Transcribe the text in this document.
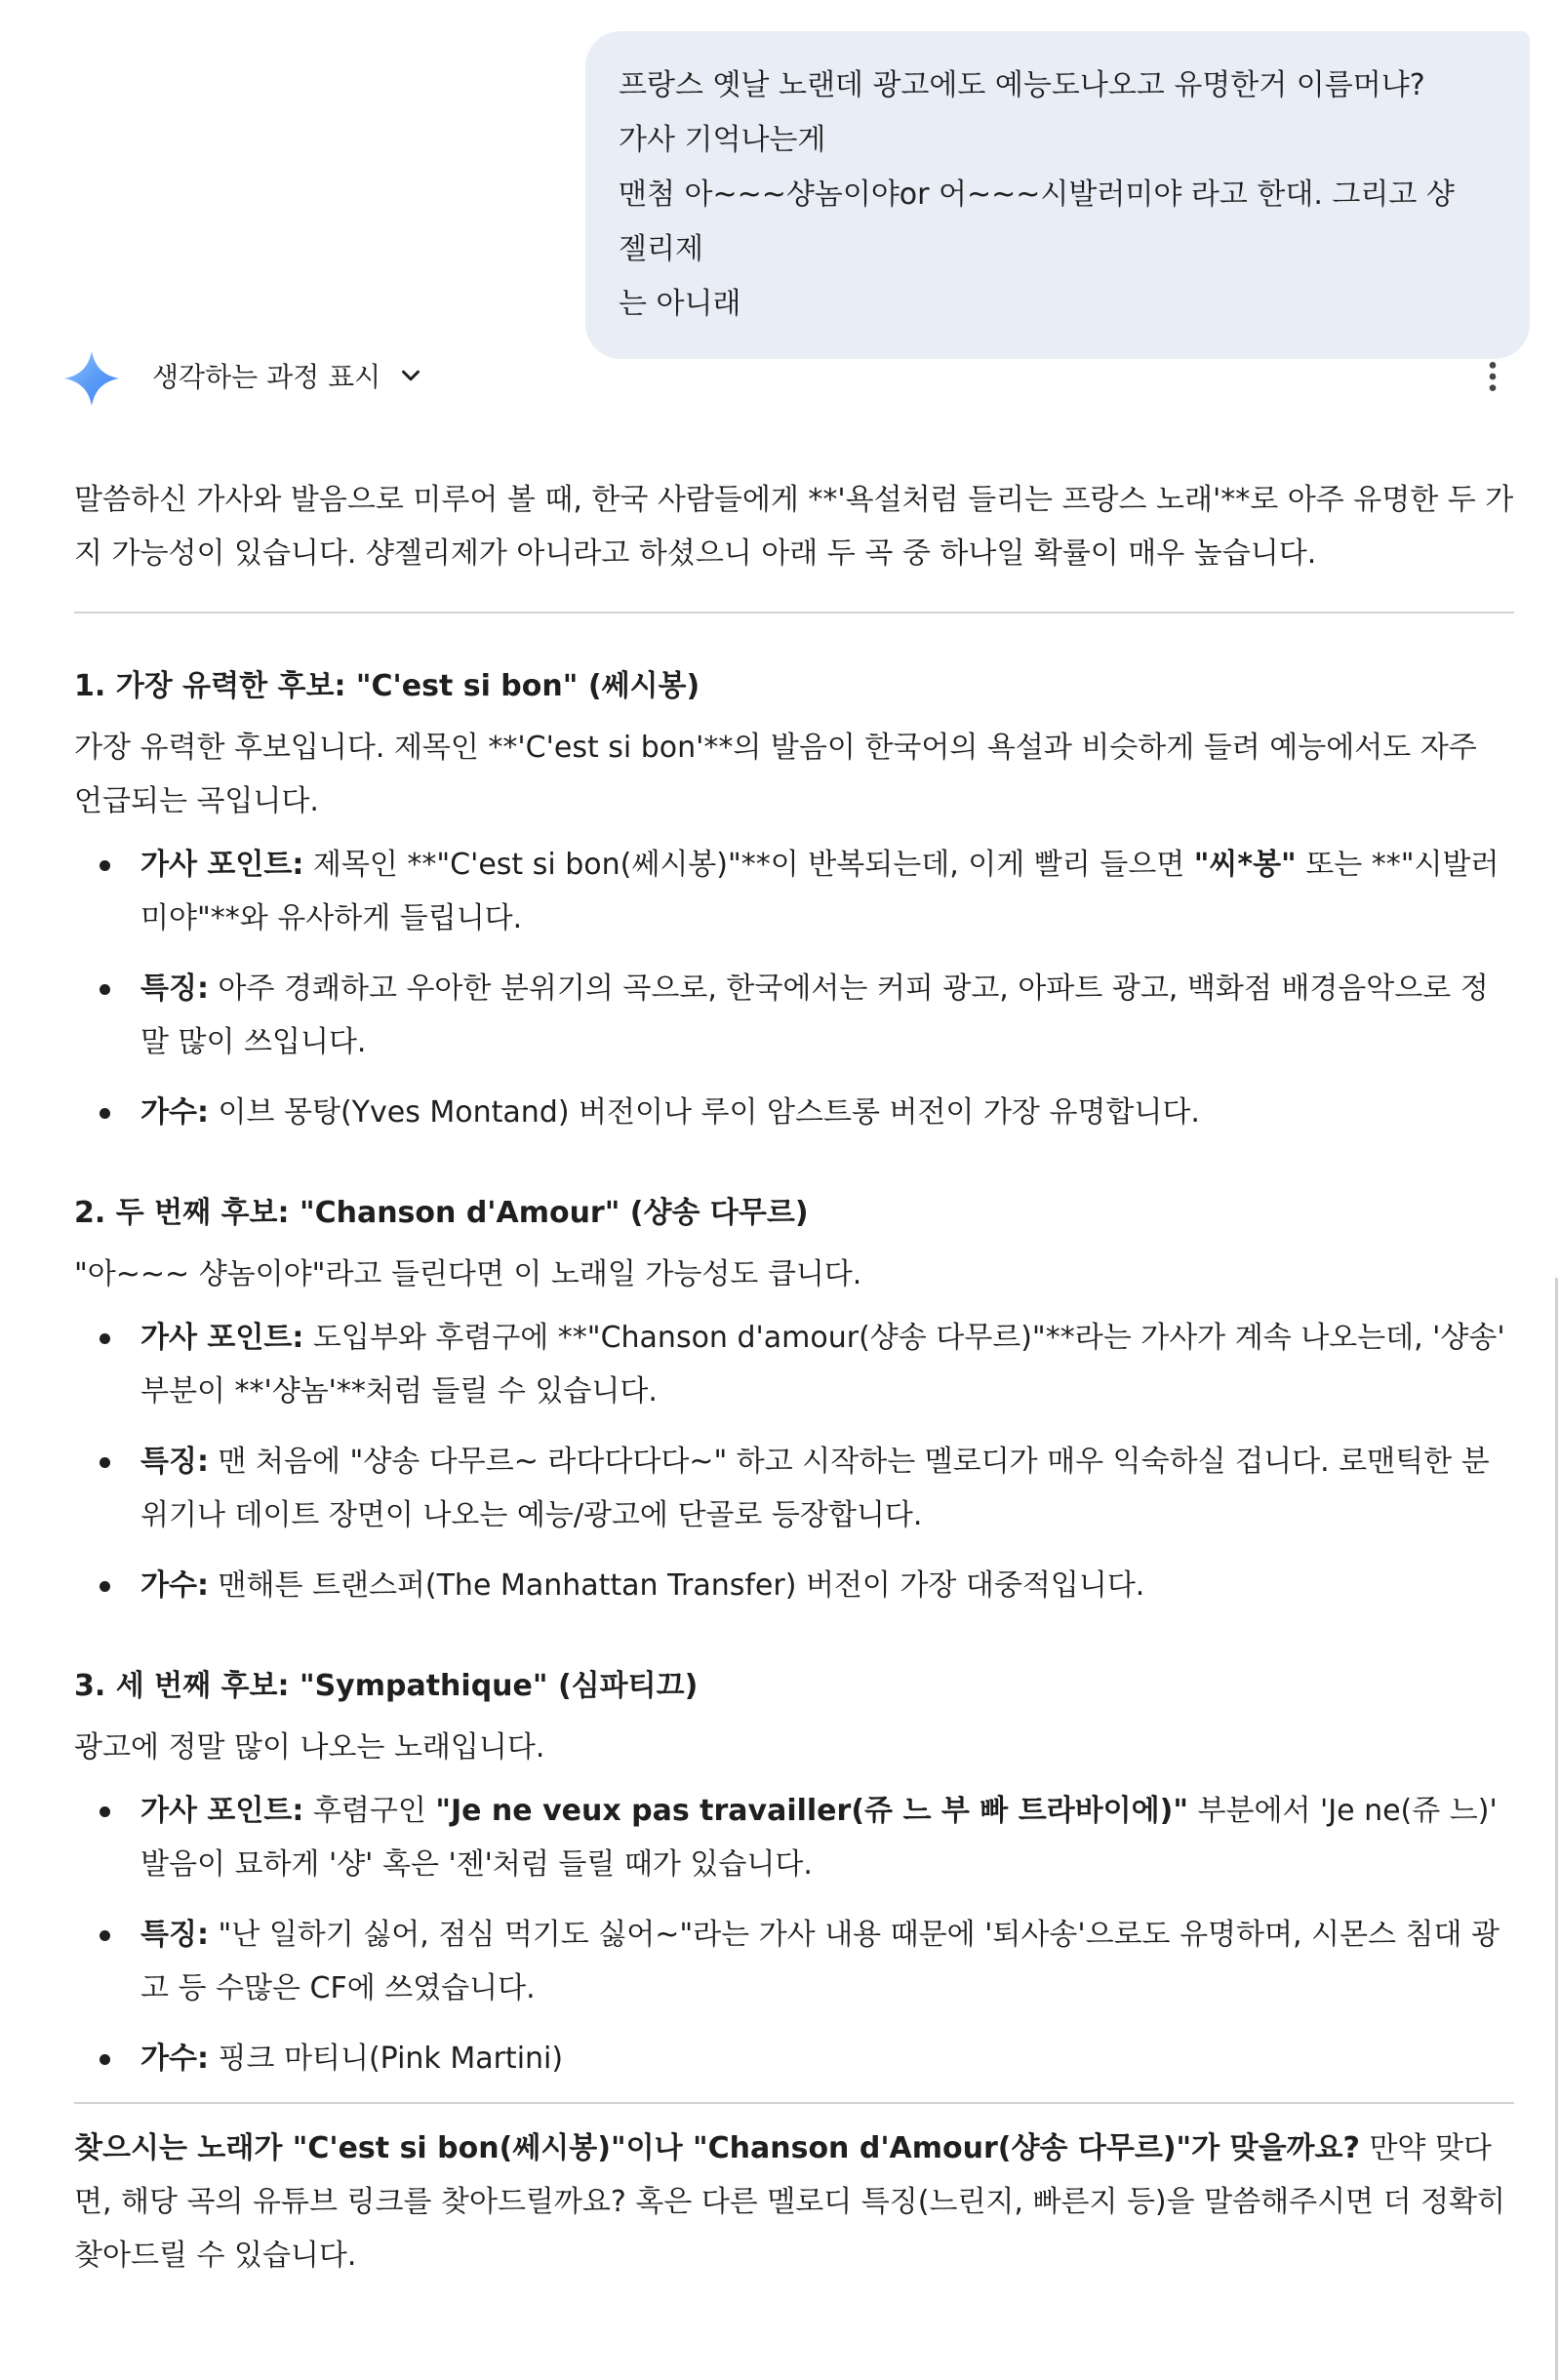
프랑스 옛날 노랜데 광고에도 예능도나오고 유명한거 이름머냐?
가사 기억나는게
맨첨 아~~~샹놈이야or 어~~~시발러미야 라고 한대. 그리고 샹젤리제
는 아니래
생각하는 과정 표시

말씀하신 가사와 발음으로 미루어 볼 때, 한국 사람들에게 **'욕설처럼 들리는 프랑스 노래'**로 아주 유명한 두 가지 가능성이 있습니다. 샹젤리제가 아니라고 하셨으니 아래 두 곡 중 하나일 확률이 매우 높습니다.

1. 가장 유력한 후보: "C'est si bon" (쎄시봉)

가장 유력한 후보입니다. 제목인 **'C'est si bon'**의 발음이 한국어의 욕설과 비슷하게 들려 예능에서도 자주 언급되는 곡입니다.

가사 포인트: 제목인 **"C'est si bon(쎄시봉)"**이 반복되는데, 이게 빨리 들으면 "씨*봉" 또는 **"시발러미야"**와 유사하게 들립니다.
특징: 아주 경쾌하고 우아한 분위기의 곡으로, 한국에서는 커피 광고, 아파트 광고, 백화점 배경음악으로 정말 많이 쓰입니다.
가수: 이브 몽탕(Yves Montand) 버전이나 루이 암스트롱 버전이 가장 유명합니다.
2. 두 번째 후보: "Chanson d'Amour" (샹송 다무르)

"아~~~ 샹놈이야"라고 들린다면 이 노래일 가능성도 큽니다.

가사 포인트: 도입부와 후렴구에 **"Chanson d'amour(샹송 다무르)"**라는 가사가 계속 나오는데, '샹송' 부분이 **'샹놈'**처럼 들릴 수 있습니다.
특징: 맨 처음에 "샹송 다무르~ 라다다다다~" 하고 시작하는 멜로디가 매우 익숙하실 겁니다. 로맨틱한 분위기나 데이트 장면이 나오는 예능/광고에 단골로 등장합니다.
가수: 맨해튼 트랜스퍼(The Manhattan Transfer) 버전이 가장 대중적입니다.
3. 세 번째 후보: "Sympathique" (심파티끄)

광고에 정말 많이 나오는 노래입니다.

가사 포인트: 후렴구인 "Je ne veux pas travailler(쥬 느 부 빠 트라바이에)" 부분에서 'Je ne(쥬 느)' 발음이 묘하게 '샹' 혹은 '젠'처럼 들릴 때가 있습니다.
특징: "난 일하기 싫어, 점심 먹기도 싫어~"라는 가사 내용 때문에 '퇴사송'으로도 유명하며, 시몬스 침대 광고 등 수많은 CF에 쓰였습니다.
가수: 핑크 마티니(Pink Martini)

찾으시는 노래가 "C'est si bon(쎄시봉)"이나 "Chanson d'Amour(샹송 다무르)"가 맞을까요? 만약 맞다면, 해당 곡의 유튜브 링크를 찾아드릴까요? 혹은 다른 멜로디 특징(느린지, 빠른지 등)을 말씀해주시면 더 정확히 찾아드릴 수 있습니다.
